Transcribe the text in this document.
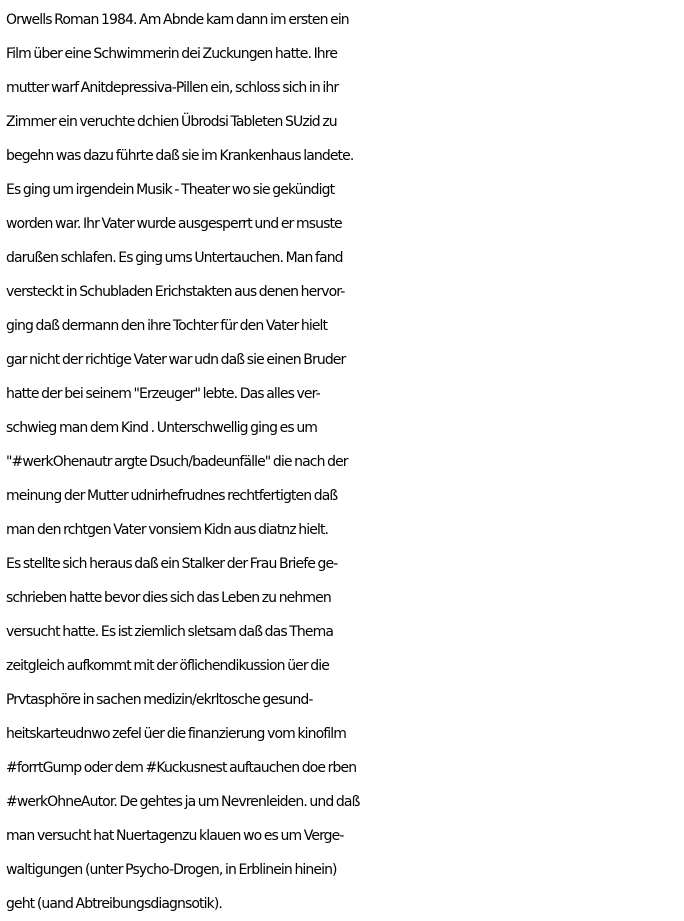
Orwells Roman 1984. Am Abnde kam dann im ersten ein
Film über eine Schwimmerin dei Zuckungen hatte. Ihre
mutter warf Anitdepressiva-Pillen ein, schloss sich in ihr
Zimmer ein veruchte dchien Übrodsi Tableten SUzid zu
begehn was dazu führte daß sie im Krankenhaus landete.
Es ging um irgendein Musik - Theater wo sie gekündigt
worden war. Ihr Vater wurde ausgesperrt und er msuste
darußen schlafen. Es ging ums Untertauchen. Man fand
versteckt in Schubladen Erichstakten aus denen hervor-
ging daß dermann den ihre Tochter für den Vater hielt
gar nicht der richtige Vater war udn daß sie einen Bruder
hatte der bei seinem "Erzeuger" lebte. Das alles ver-
schwieg man dem Kind . Unterschwellig ging es um
"#werkOhenautr argte Dsuch/badeunfälle" die nach der
meinung der Mutter udnirhefrudnes rechtfertigten daß
man den rchtgen Vater vonsiem Kidn aus diatnz hielt.
Es stellte sich heraus daß ein Stalker der Frau Briefe ge-
schrieben hatte bevor dies sich das Leben zu nehmen
versucht hatte. Es ist ziemlich sletsam daß das Thema
zeitgleich aufkommt mit der öflichendikussion üer die
Prvtasphöre in sachen medizin/ekrltosche gesund-
heitskarteudnwo zefel üer die finanzierung vom kinofilm
#forrtGump oder dem #Kuckusnest auftauchen doe rben
#werkOhneAutor. De gehtes ja um Nevrenleiden. und daß
man versucht hat Nuertagenzu klauen wo es um Verge-
waltigungen (unter Psycho-Drogen, in Erblinein hinein)
geht (uand Abtreibungsdiagnsotik).
